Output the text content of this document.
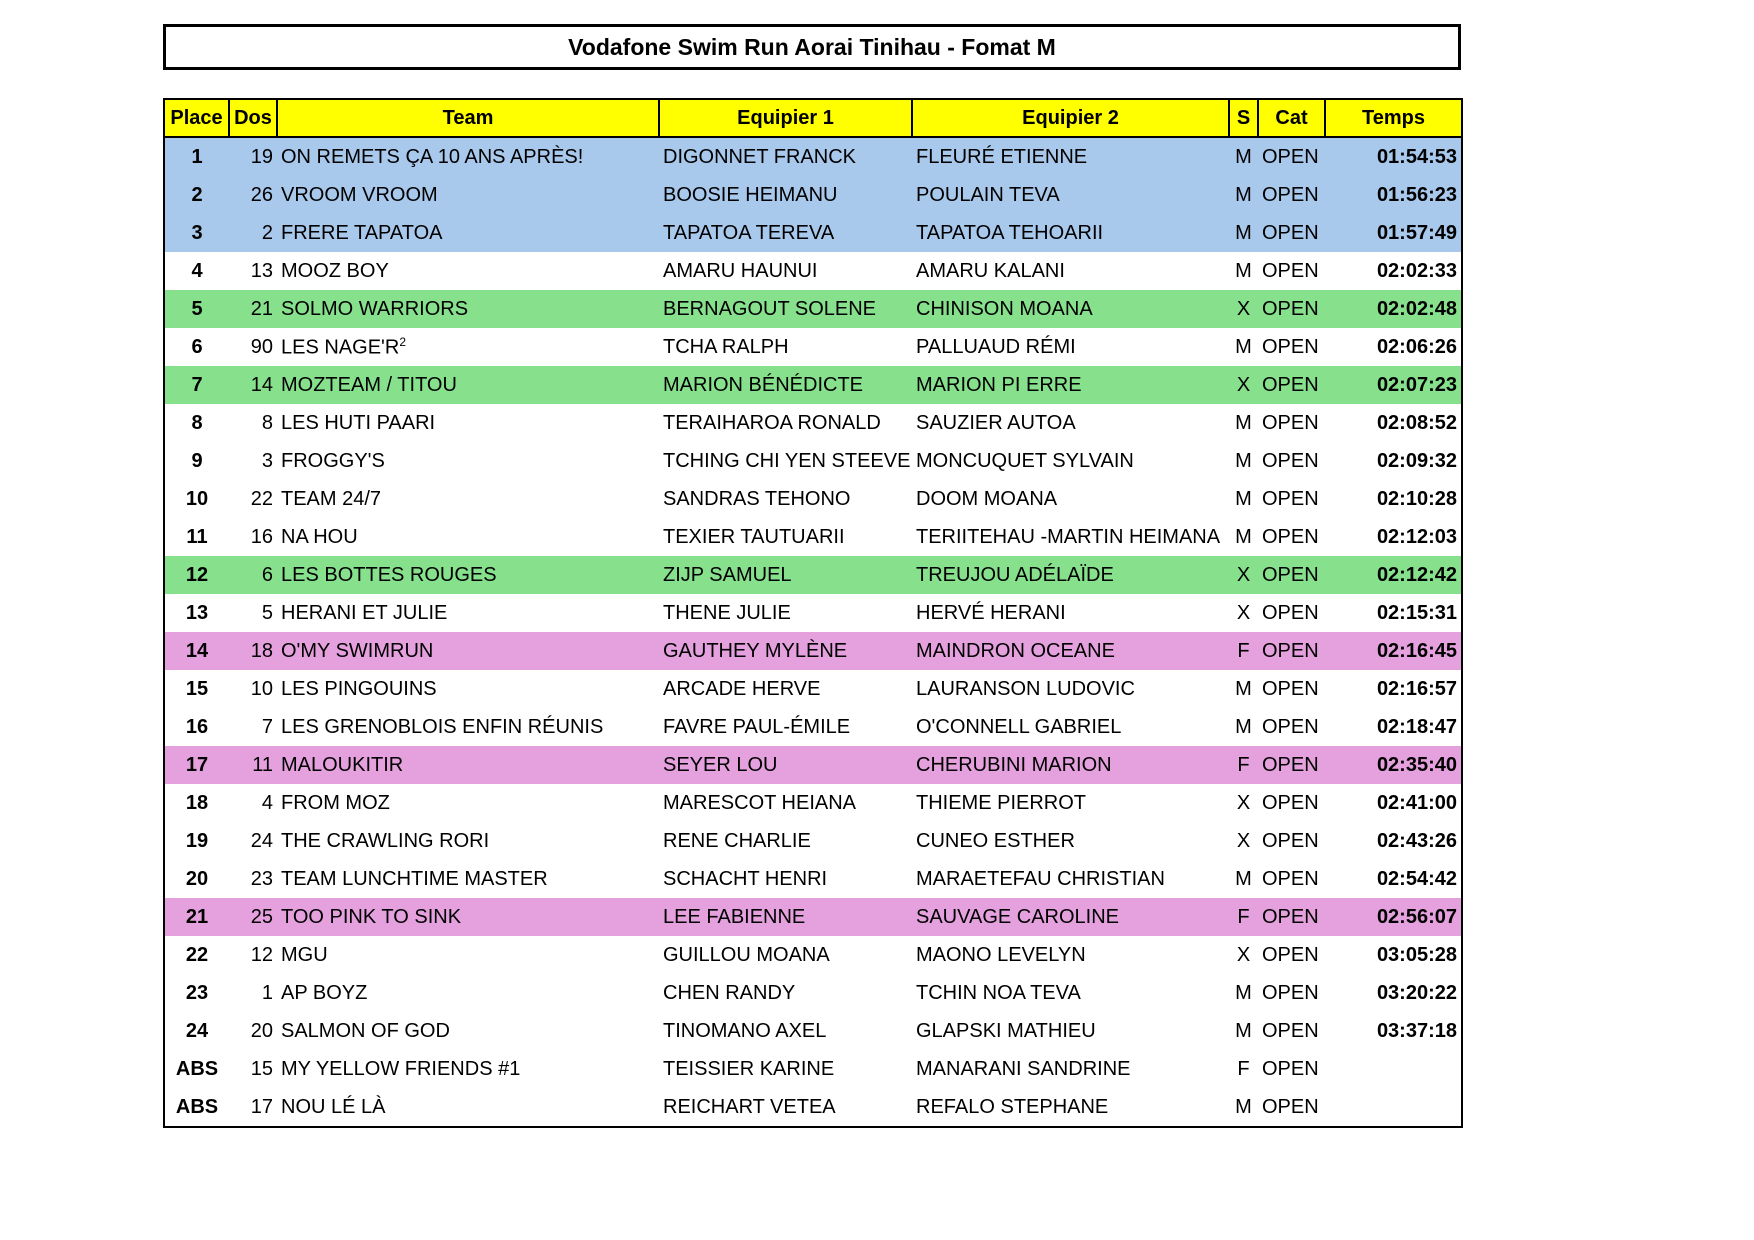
Vodafone Swim Run Aorai Tinihau - Fomat M
Place	Dos	Team	Equipier 1	Equipier 2	S	Cat	Temps
1	19	ON REMETS ÇA 10 ANS APRÈS!	DIGONNET FRANCK	FLEURÉ ETIENNE	M	OPEN	01:54:53
2	26	VROOM VROOM	BOOSIE HEIMANU	POULAIN TEVA	M	OPEN	01:56:23
3	2	FRERE TAPATOA	TAPATOA TEREVA	TAPATOA TEHOARII	M	OPEN	01:57:49
4	13	MOOZ BOY	AMARU HAUNUI	AMARU KALANI	M	OPEN	02:02:33
5	21	SOLMO WARRIORS	BERNAGOUT SOLENE	CHINISON MOANA	X	OPEN	02:02:48
6	90	LES $NAGE'R^2$	TCHA RALPH	PALLUAUD RÉMI	M	OPEN	02:06:26
7	14	MOZTEAM / TITOU	MARION BÉNÉDICTE	MARION PI ERRE	X	OPEN	02:07:23
8	8	LES HUTI PAARI	TERAIHAROA RONALD	SAUZIER AUTOA	M	OPEN	02:08:52
9	3	FROGGY'S	TCHING CHI YEN STEEVE	MONCUQUET SYLVAIN	M	OPEN	02:09:32
10	22	TEAM 24/7	SANDRAS TEHONO	DOOM MOANA	M	OPEN	02:10:28
11	16	NA HOU	TEXIER TAUTUARII	TERIITEHAU -MARTIN HEIMANA	M	OPEN	02:12:03
12	6	LES BOTTES ROUGES	ZIJP SAMUEL	TREUJOU ADÉLAÏDE	X	OPEN	02:12:42
13	5	HERANI ET JULIE	THENE JULIE	HERVÉ HERANI	X	OPEN	02:15:31
14	18	O'MY SWIMRUN	GAUTHEY MYLÈNE	MAINDRON OCEANE	F	OPEN	02:16:45
15	10	LES PINGOUINS	ARCADE HERVE	LAURANSON LUDOVIC	M	OPEN	02:16:57
16	7	LES GRENOBLOIS ENFIN RÉUNIS	FAVRE PAUL-ÉMILE	O'CONNELL GABRIEL	M	OPEN	02:18:47
17	11	MALOUKITIR	SEYER LOU	CHERUBINI MARION	F	OPEN	02:35:40
18	4	FROM MOZ	MARESCOT HEIANA	THIEME PIERROT	X	OPEN	02:41:00
19	24	THE CRAWLING RORI	RENE CHARLIE	CUNEO ESTHER	X	OPEN	02:43:26
20	23	TEAM LUNCHTIME MASTER	SCHACHT HENRI	MARAETEFAU CHRISTIAN	M	OPEN	02:54:42
21	25	TOO PINK TO SINK	LEE FABIENNE	SAUVAGE CAROLINE	F	OPEN	02:56:07
22	12	MGU	GUILLOU MOANA	MAONO LEVELYN	X	OPEN	03:05:28
23	1	AP BOYZ	CHEN RANDY	TCHIN NOA TEVA	M	OPEN	03:20:22
24	20	SALMON OF GOD	TINOMANO AXEL	GLAPSKI MATHIEU	M	OPEN	03:37:18
ABS	15	MY YELLOW FRIENDS #1	TEISSIER KARINE	MANARANI SANDRINE	F	OPEN	
ABS	17	NOU LÉ LÀ	REICHART VETEA	REFALO STEPHANE	M	OPEN	
